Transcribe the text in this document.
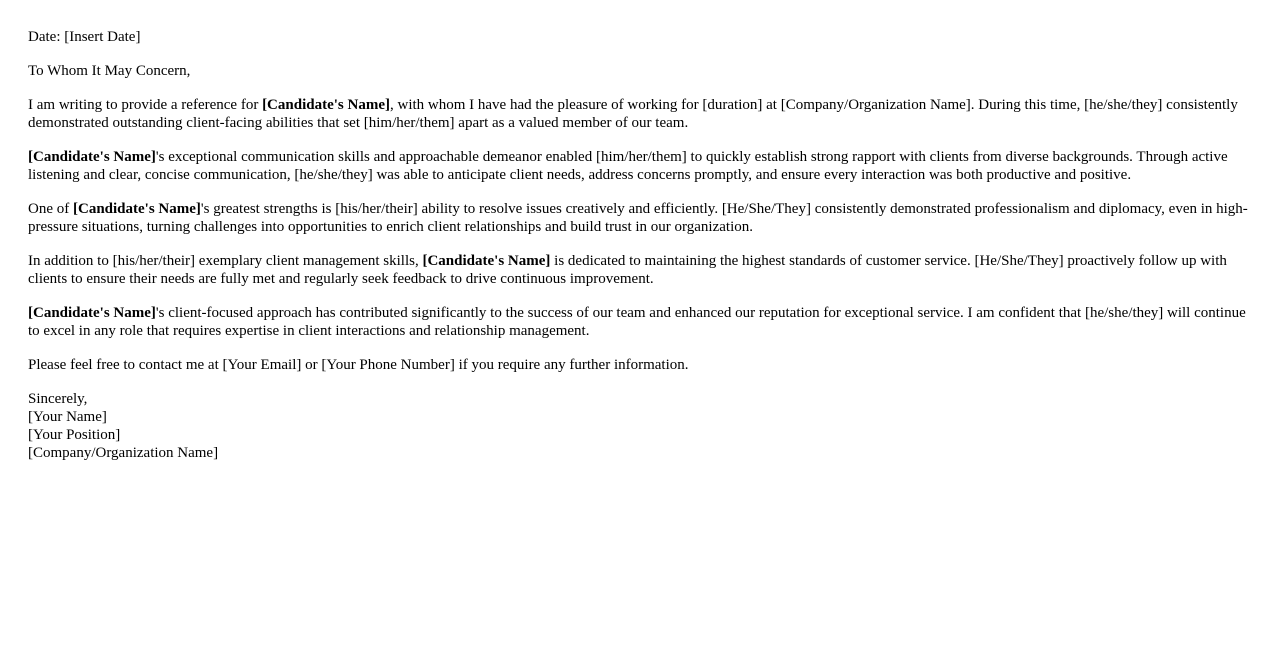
Date: [Insert Date]

To Whom It May Concern,

I am writing to provide a reference for [Candidate's Name], with whom I have had the pleasure of working for [duration] at [Company/Organization Name]. During this time, [he/she/they] consistently demonstrated outstanding client-facing abilities that set [him/her/them] apart as a valued member of our team.

[Candidate's Name]'s exceptional communication skills and approachable demeanor enabled [him/her/them] to quickly establish strong rapport with clients from diverse backgrounds. Through active listening and clear, concise communication, [he/she/they] was able to anticipate client needs, address concerns promptly, and ensure every interaction was both productive and positive.

One of [Candidate's Name]'s greatest strengths is [his/her/their] ability to resolve issues creatively and efficiently. [He/She/They] consistently demonstrated professionalism and diplomacy, even in high-pressure situations, turning challenges into opportunities to enrich client relationships and build trust in our organization.

In addition to [his/her/their] exemplary client management skills, [Candidate's Name] is dedicated to maintaining the highest standards of customer service. [He/She/They] proactively follow up with clients to ensure their needs are fully met and regularly seek feedback to drive continuous improvement.

[Candidate's Name]'s client-focused approach has contributed significantly to the success of our team and enhanced our reputation for exceptional service. I am confident that [he/she/they] will continue to excel in any role that requires expertise in client interactions and relationship management.

Please feel free to contact me at [Your Email] or [Your Phone Number] if you require any further information.

Sincerely,
[Your Name]
[Your Position]
[Company/Organization Name]
